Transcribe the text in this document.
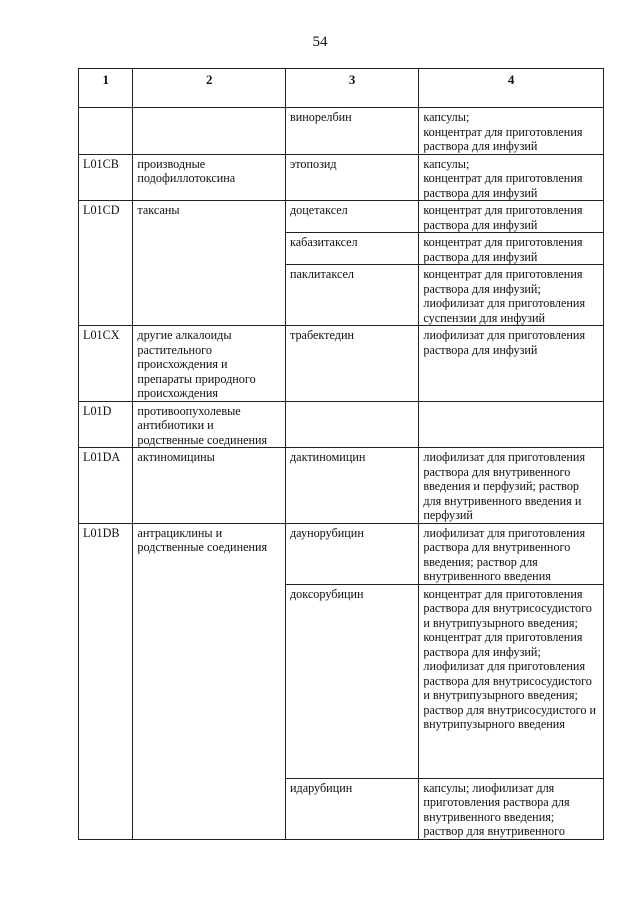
54
1	2	3	4
		винорелбин	капсулы;
концентрат для приготовления раствора для инфузий
L01CB	производные подофиллотоксина	этопозид	капсулы;
концентрат для приготовления раствора для инфузий
L01CD	таксаны	доцетаксел	концентрат для приготовления раствора для инфузий
		кабазитаксел	концентрат для приготовления раствора для инфузий
		паклитаксел	концентрат для приготовления раствора для инфузий;
лиофилизат для приготовления суспензии для инфузий
L01CX	другие алкалоиды растительного происхождения и препараты природного происхождения	трабектедин	лиофилизат для приготовления раствора для инфузий
L01D	противоопухолевые антибиотики и родственные соединения		
L01DA	актиномицины	дактиномицин	лиофилизат для приготовления раствора для внутривенного введения и перфузий; раствор для внутривенного введения и перфузий
L01DB	антрациклины и родственные соединения	даунорубицин	лиофилизат для приготовления раствора для внутривенного введения; раствор для внутривенного введения
		доксорубицин	концентрат для приготовления раствора для внутрисосудистого и внутрипузырного введения;
концентрат для приготовления раствора для инфузий;
лиофилизат для приготовления раствора для внутрисосудистого и внутрипузырного введения; раствор для внутрисосудистого и внутрипузырного введения
		идарубицин	капсулы; лиофилизат для приготовления раствора для внутривенного введения;
раствор для внутривенного
